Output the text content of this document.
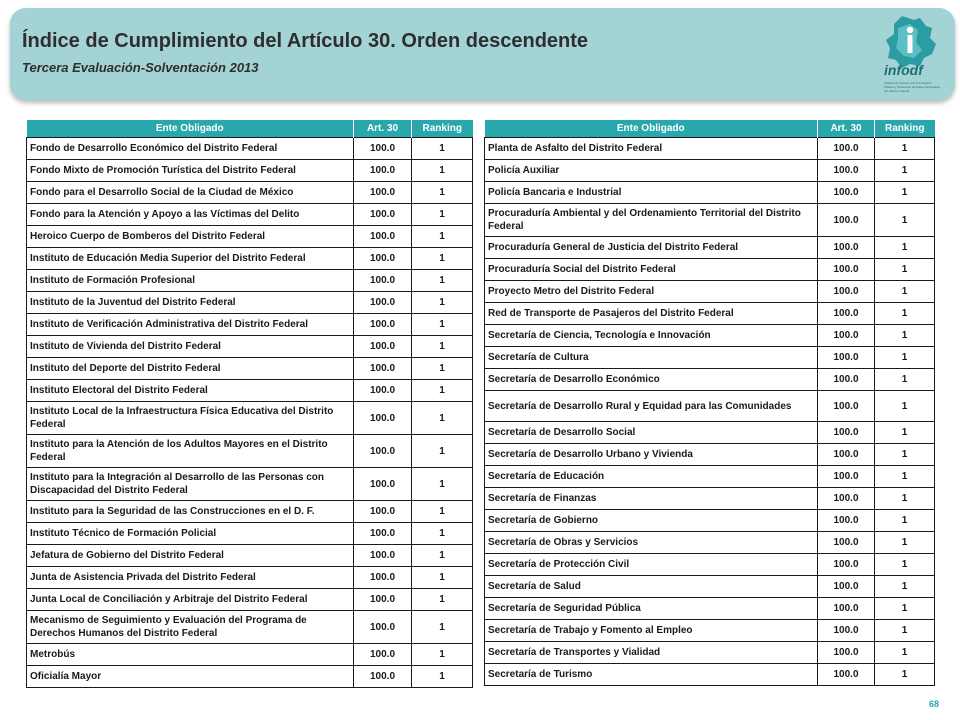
Índice de Cumplimiento del Artículo 30. Orden descendente

Tercera Evaluación-Solventación 2013	infodf
Instituto de Acceso a la Información Pública y Protección de Datos Personales del Distrito Federal
Ente Obligado	Art. 30	Ranking
Fondo de Desarrollo Económico del Distrito Federal	100.0	1
Fondo Mixto de Promoción Turística del Distrito Federal	100.0	1
Fondo para el Desarrollo Social de la Ciudad de México	100.0	1
Fondo para la Atención y Apoyo a las Víctimas del Delito	100.0	1
Heroico Cuerpo de Bomberos del Distrito Federal	100.0	1
Instituto de Educación Media Superior del Distrito Federal	100.0	1
Instituto de Formación Profesional	100.0	1
Instituto de la Juventud del Distrito Federal	100.0	1
Instituto de Verificación Administrativa del Distrito Federal	100.0	1
Instituto de Vivienda del Distrito Federal	100.0	1
Instituto del Deporte del Distrito Federal	100.0	1
Instituto Electoral del Distrito Federal	100.0	1
Instituto Local de la Infraestructura Física Educativa del Distrito Federal	100.0	1
Instituto para la Atención de los Adultos Mayores en el Distrito Federal	100.0	1
Instituto para la Integración al Desarrollo de las Personas con Discapacidad del Distrito Federal	100.0	1
Instituto para la Seguridad de las Construcciones en el D. F.	100.0	1
Instituto Técnico de Formación Policial	100.0	1
Jefatura de Gobierno del Distrito Federal	100.0	1
Junta de Asistencia Privada del Distrito Federal	100.0	1
Junta Local de Conciliación y Arbitraje del Distrito Federal	100.0	1
Mecanismo de Seguimiento y Evaluación del Programa de Derechos Humanos del Distrito Federal	100.0	1
Metrobús	100.0	1
Oficialía Mayor	100.0	1
Ente Obligado	Art. 30	Ranking
Planta de Asfalto del Distrito Federal	100.0	1
Policía Auxiliar	100.0	1
Policía Bancaria e Industrial	100.0	1
Procuraduría Ambiental y del Ordenamiento Territorial del Distrito Federal	100.0	1
Procuraduría General de Justicia del Distrito Federal	100.0	1
Procuraduría Social del Distrito Federal	100.0	1
Proyecto Metro del Distrito Federal	100.0	1
Red de Transporte de Pasajeros del Distrito Federal	100.0	1
Secretaría de Ciencia, Tecnología e Innovación	100.0	1
Secretaría de Cultura	100.0	1
Secretaría de Desarrollo Económico	100.0	1
Secretaría de Desarrollo Rural y Equidad para las Comunidades	100.0	1
Secretaría de Desarrollo Social	100.0	1
Secretaría de Desarrollo Urbano y Vivienda	100.0	1
Secretaría de Educación	100.0	1
Secretaría de Finanzas	100.0	1
Secretaría de Gobierno	100.0	1
Secretaría de Obras y Servicios	100.0	1
Secretaría de Protección Civil	100.0	1
Secretaría de Salud	100.0	1
Secretaría de Seguridad Pública	100.0	1
Secretaría de Trabajo y Fomento al Empleo	100.0	1
Secretaría de Transportes y Vialidad	100.0	1
Secretaría de Turismo	100.0	1
68
